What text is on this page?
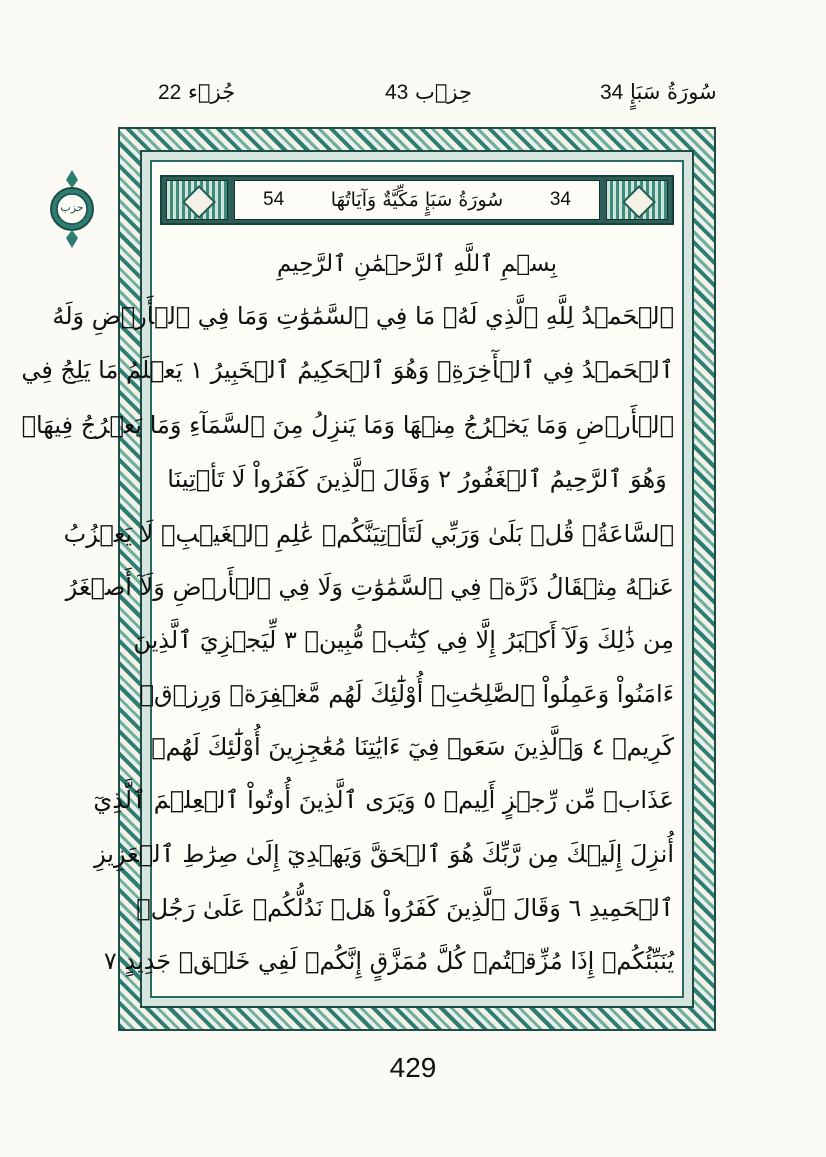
جُزۡء 22	حِزۡب 43	سُورَةُ سَبَإٍ 34
حزب	54 سُورَةُ سَبَإٍ مَكِّيَّةٌ وَآيَاتُهَا 34
بِسۡمِ ٱللَّهِ ٱلرَّحۡمَٰنِ ٱلرَّحِيمِ
ٱلۡحَمۡدُ لِلَّهِ ٱلَّذِي لَهُۥ مَا فِي ٱلسَّمَٰوَٰتِ وَمَا فِي ٱلۡأَرۡضِ وَلَهُ
ٱلۡحَمۡدُ فِي ٱلۡأٓخِرَةِۚ وَهُوَ ٱلۡحَكِيمُ ٱلۡخَبِيرُ ١ يَعۡلَمُ مَا يَلِجُ فِي
ٱلۡأَرۡضِ وَمَا يَخۡرُجُ مِنۡهَا وَمَا يَنزِلُ مِنَ ٱلسَّمَآءِ وَمَا يَعۡرُجُ فِيهَاۚ
وَهُوَ ٱلرَّحِيمُ ٱلۡغَفُورُ ٢ وَقَالَ ٱلَّذِينَ كَفَرُواْ لَا تَأۡتِينَا
ٱلسَّاعَةُۖ قُلۡ بَلَىٰ وَرَبِّي لَتَأۡتِيَنَّكُمۡ عَٰلِمِ ٱلۡغَيۡبِۖ لَا يَعۡزُبُ
عَنۡهُ مِثۡقَالُ ذَرَّةٖ فِي ٱلسَّمَٰوَٰتِ وَلَا فِي ٱلۡأَرۡضِ وَلَآ أَصۡغَرُ
مِن ذَٰلِكَ وَلَآ أَكۡبَرُ إِلَّا فِي كِتَٰبٖ مُّبِينٖ ٣ لِّيَجۡزِيَ ٱلَّذِينَ
ءَامَنُواْ وَعَمِلُواْ ٱلصَّٰلِحَٰتِۚ أُوْلَٰٓئِكَ لَهُم مَّغۡفِرَةٞ وَرِزۡقٞ
كَرِيمٞ ٤ وَٱلَّذِينَ سَعَوۡ فِيٓ ءَايَٰتِنَا مُعَٰجِزِينَ أُوْلَٰٓئِكَ لَهُمۡ
عَذَابٞ مِّن رِّجۡزٍ أَلِيمٞ ٥ وَيَرَى ٱلَّذِينَ أُوتُواْ ٱلۡعِلۡمَ ٱلَّذِيٓ
أُنزِلَ إِلَيۡكَ مِن رَّبِّكَ هُوَ ٱلۡحَقَّ وَيَهۡدِيٓ إِلَىٰ صِرَٰطِ ٱلۡعَزِيزِ
ٱلۡحَمِيدِ ٦ وَقَالَ ٱلَّذِينَ كَفَرُواْ هَلۡ نَدُلُّكُمۡ عَلَىٰ رَجُلٖ
يُنَبِّئُكُمۡ إِذَا مُزِّقۡتُمۡ كُلَّ مُمَزَّقٍ إِنَّكُمۡ لَفِي خَلۡقٖ جَدِيدٍ ٧
429
